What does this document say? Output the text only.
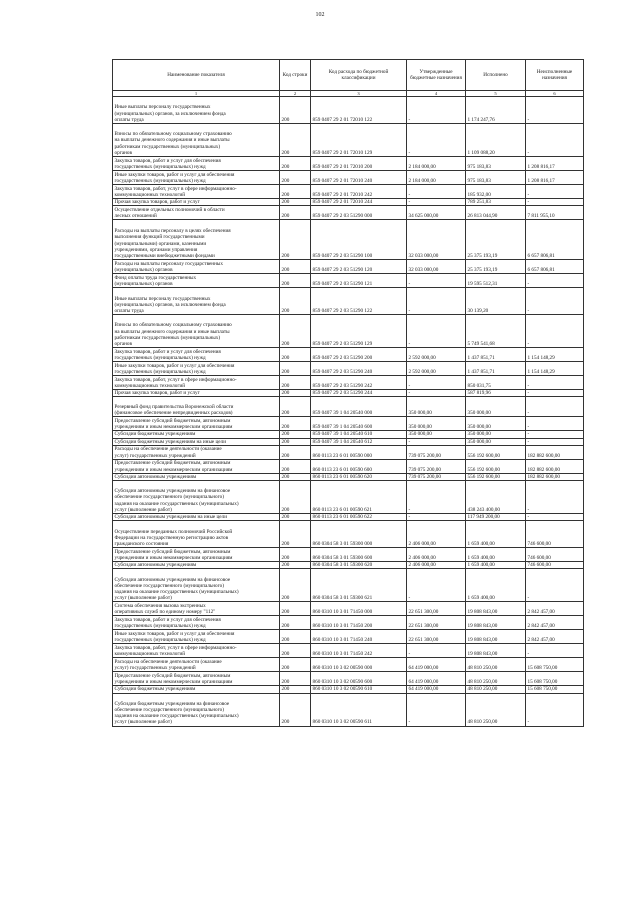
102
Наименование показателя	Код строки	Код расхода по бюджетной классификации	Утвержденные бюджетные назначения	Исполнено	Неисполненные назначения
1	2	3	4	5	6
Иные выплаты персоналу государственных
(муниципальных) органов, за исключением фонда
оплаты труда	200	859 0407 29 2 01 72010 122	-	1 174 247,76	-
Взносы по обязательному социальному страхованию
на выплаты денежного содержания и иные выплаты
работникам государственных (муниципальных)
органов	200	859 0407 29 2 01 72010 129	-	1 109 088,20	-
Закупка товаров, работ и услуг для обеспечения
государственных (муниципальных) нужд	200	859 0407 29 2 01 72010 200	2 184 000,00	975 183,83	1 208 816,17
Иные закупки товаров, работ и услуг для обеспечения
государственных (муниципальных) нужд	200	859 0407 29 2 01 72010 240	2 184 000,00	975 183,83	1 208 816,17
Закупка товаров, работ, услуг в сфере информационно-
коммуникационных технологий	200	859 0407 29 2 01 72010 242	-	185 932,00	-
Прочая закупка товаров, работ и услуг	200	859 0407 29 2 01 72010 244	-	789 251,83	-
Осуществление отдельных полномочий в области
лесных отношений	200	859 0407 29 2 03 51290 000	34 625 000,00	26 813 044,90	7 811 955,10
Расходы на выплаты персоналу в целях обеспечения
выполнения функций государственными
(муниципальными) органами, казенными
учреждениями, органами управления
государственными внебюджетными фондами	200	859 0407 29 2 03 51290 100	32 033 000,00	25 375 193,19	6 657 806,81
Расходы на выплаты персоналу государственных
(муниципальных) органов	200	859 0407 29 2 03 51290 120	32 033 000,00	25 375 193,19	6 657 806,81
Фонд оплаты труда государственных
(муниципальных) органов	200	859 0407 29 2 03 51290 121	-	19 595 512,31	-
Иные выплаты персоналу государственных
(муниципальных) органов, за исключением фонда
оплаты труда	200	859 0407 29 2 03 51290 122	-	30 139,20	-
Взносы по обязательному социальному страхованию
на выплаты денежного содержания и иные выплаты
работникам государственных (муниципальных)
органов	200	859 0407 29 2 03 51290 129	-	5 749 541,68	-
Закупка товаров, работ и услуг для обеспечения
государственных (муниципальных) нужд	200	859 0407 29 2 03 51290 200	2 592 000,00	1 437 851,71	1 154 148,29
Иные закупки товаров, работ и услуг для обеспечения
государственных (муниципальных) нужд	200	859 0407 29 2 03 51290 240	2 592 000,00	1 437 851,71	1 154 148,29
Закупка товаров, работ, услуг в сфере информационно-
коммуникационных технологий	200	859 0407 29 2 03 51290 242	-	850 031,75	-
Прочая закупка товаров, работ и услуг	200	859 0407 29 2 03 51290 244	-	587 819,96	-
Резервный фонд правительства Воронежской области
(финансовое обеспечение непредвиденных расходов)	200	859 0407 39 1 04 20540 000	350 000,00	350 000,00	-
Предоставление субсидий бюджетным, автономным
учреждениям и иным некоммерческим организациям	200	859 0407 39 1 04 20540 600	350 000,00	350 000,00	-
Субсидии бюджетным учреждениям	200	859 0407 39 1 04 20540 610	350 000,00	350 000,00	-
Субсидии бюджетным учреждениям на иные цели	200	859 0407 39 1 04 20540 612	-	350 000,00	-
Расходы на обеспечение деятельности (оказание
услуг) государственных учреждений	200	860 0113 23 6 01 00590 000	739 075 200,00	556 192 600,00	182 882 600,00
Предоставление субсидий бюджетным, автономным
учреждениям и иным некоммерческим организациям	200	860 0113 23 6 01 00590 600	739 075 200,00	556 192 600,00	182 882 600,00
Субсидии автономным учреждениям	200	860 0113 23 6 01 00590 620	739 075 200,00	556 192 600,00	182 882 600,00
Субсидии автономным учреждениям на финансовое
обеспечение государственного (муниципального)
задания на оказание государственных (муниципальных)
услуг (выполнение работ)	200	860 0113 23 6 01 00590 621	-	438 243 400,00	-
Субсидии автономным учреждениям на иные цели	200	860 0113 23 6 01 00590 622	-	117 949 200,00	-
Осуществление переданных полномочий Российской
Федерации на государственную регистрацию актов
гражданского состояния	200	860 0304 58 3 01 59300 000	2 406 000,00	1 659 400,00	746 600,00
Предоставление субсидий бюджетным, автономным
учреждениям и иным некоммерческим организациям	200	860 0304 58 3 01 59300 600	2 406 000,00	1 659 400,00	746 600,00
Субсидии автономным учреждениям	200	860 0304 58 3 01 59300 620	2 406 000,00	1 659 400,00	746 600,00
Субсидии автономным учреждениям на финансовое
обеспечение государственного (муниципального)
задания на оказание государственных (муниципальных)
услуг (выполнение работ)	200	860 0304 58 3 01 59300 621	-	1 659 400,00	-
Система обеспечения вызова экстренных
оперативных служб по единому номеру "112"	200	860 0310 10 3 01 71450 000	22 651 300,00	19 808 843,00	2 842 457,00
Закупка товаров, работ и услуг для обеспечения
государственных (муниципальных) нужд	200	860 0310 10 3 01 71450 200	22 651 300,00	19 808 843,00	2 842 457,00
Иные закупки товаров, работ и услуг для обеспечения
государственных (муниципальных) нужд	200	860 0310 10 3 01 71450 240	22 651 300,00	19 808 843,00	2 842 457,00
Закупка товаров, работ, услуг в сфере информационно-
коммуникационных технологий	200	860 0310 10 3 01 71450 242	-	19 808 843,00	-
Расходы на обеспечение деятельности (оказание
услуг) государственных учреждений	200	860 0310 10 3 02 00590 000	64 419 000,00	48 810 250,00	15 608 750,00
Предоставление субсидий бюджетным, автономным
учреждениям и иным некоммерческим организациям	200	860 0310 10 3 02 00590 600	64 419 000,00	48 810 250,00	15 608 750,00
Субсидии бюджетным учреждениям	200	860 0310 10 3 02 00590 610	64 419 000,00	48 810 250,00	15 608 750,00
Субсидии бюджетным учреждениям на финансовое
обеспечение государственного (муниципального)
задания на оказание государственных (муниципальных)
услуг (выполнение работ)	200	860 0310 10 3 02 00590 611	-	48 810 250,00	-
